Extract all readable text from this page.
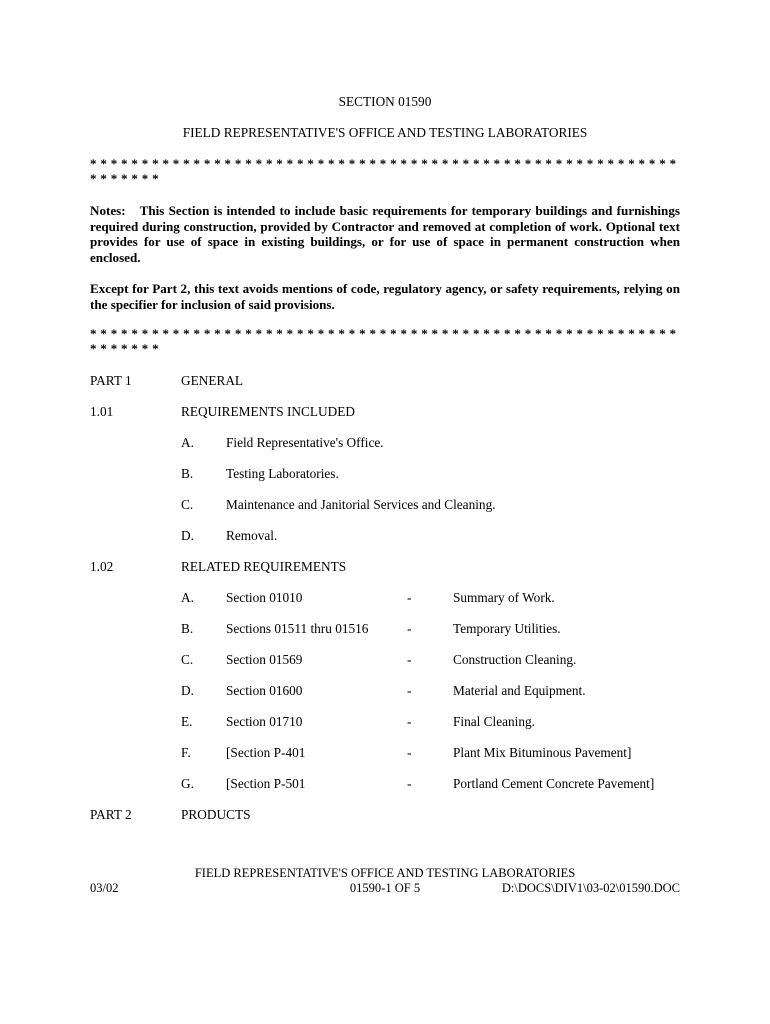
SECTION 01590
FIELD REPRESENTATIVE'S OFFICE AND TESTING LABORATORIES
* * * * * * * * * * * * * * * * * * * * * * * * * * * * * * * * * * * * * * * * * * * * * * * * * * * * * * * * * * * * * * * *
Notes: This Section is intended to include basic requirements for temporary buildings and furnishings required during construction, provided by Contractor and removed at completion of work. Optional text provides for use of space in existing buildings, or for use of space in permanent construction when enclosed.
Except for Part 2, this text avoids mentions of code, regulatory agency, or safety requirements, relying on the specifier for inclusion of said provisions.
* * * * * * * * * * * * * * * * * * * * * * * * * * * * * * * * * * * * * * * * * * * * * * * * * * * * * * * * * * * * * * * *
PART 1	GENERAL
1.01	REQUIREMENTS INCLUDED
A. Field Representative's Office.
B. Testing Laboratories.
C. Maintenance and Janitorial Services and Cleaning.
D. Removal.
1.02	RELATED REQUIREMENTS
A. Section 01010	-	Summary of Work.
B. Sections 01511 thru 01516	-	Temporary Utilities.
C. Section 01569	-	Construction Cleaning.
D. Section 01600	-	Material and Equipment.
E.	Section 01710	-	Final Cleaning.
F.	[Section P-401	-	Plant Mix Bituminous Pavement]
G. [Section P-501	-	Portland Cement Concrete Pavement]
PART 2	PRODUCTS
FIELD REPRESENTATIVE'S OFFICE AND TESTING LABORATORIES
03/02	01590-1 OF 5	D:\DOCS\DIV1\03-02\01590.DOC
